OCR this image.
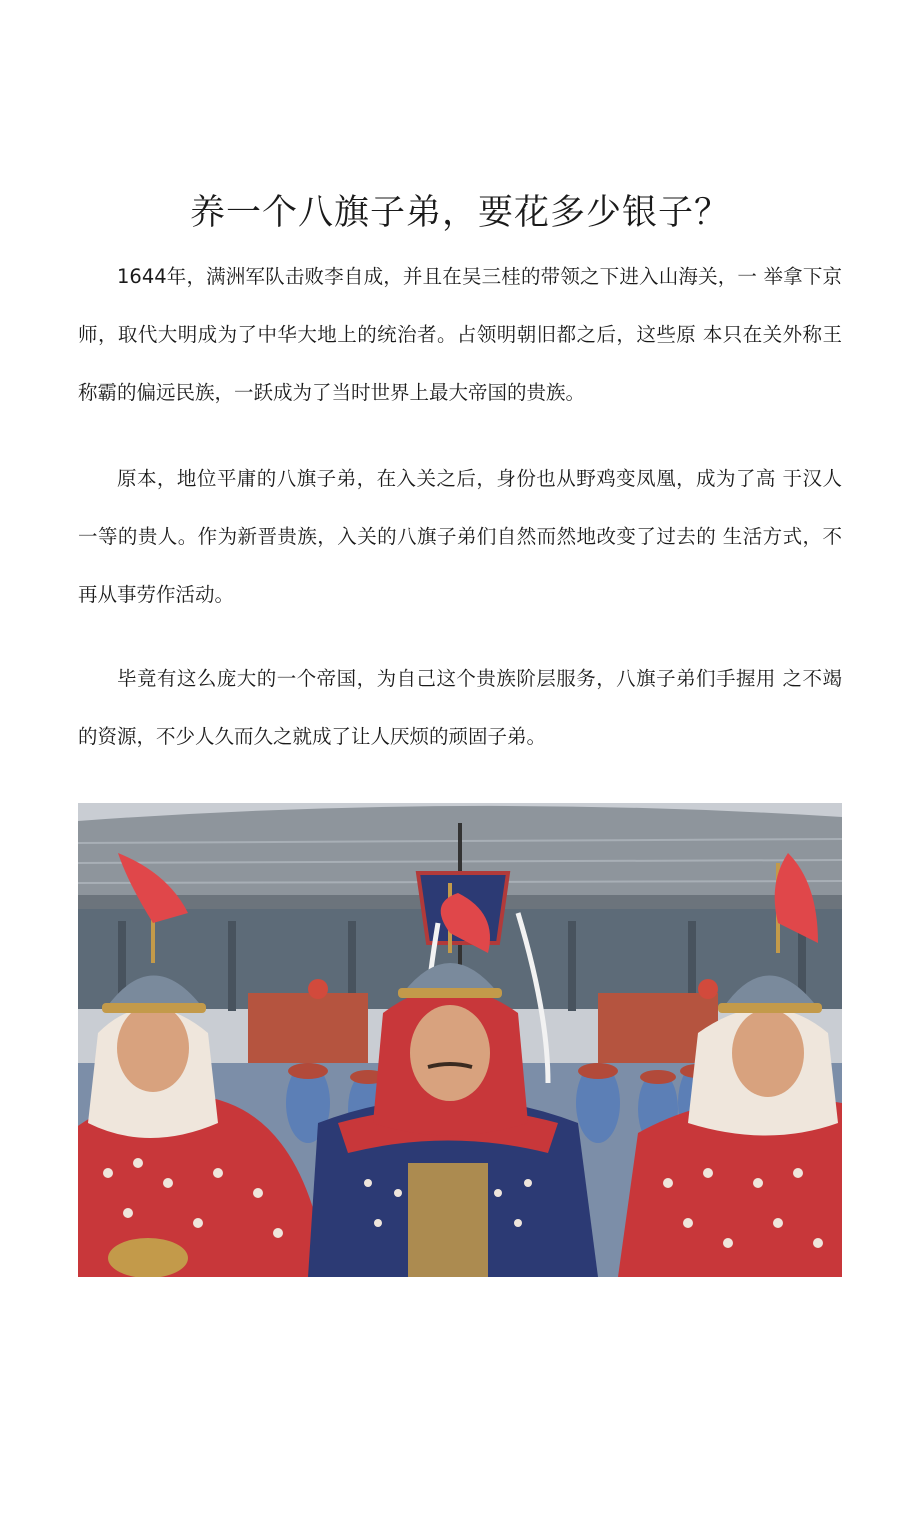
养一个八旗子弟，要花多少银子？

1644年，满洲军队击败李自成，并且在吴三桂的带领之下进入山海关，一 举拿下京师，取代大明成为了中华大地上的统治者。占领明朝旧都之后，这些原 本只在关外称王称霸的偏远民族，一跃成为了当时世界上最大帝国的贵族。

原本，地位平庸的八旗子弟，在入关之后，身份也从野鸡变凤凰，成为了高 于汉人一等的贵人。作为新晋贵族，入关的八旗子弟们自然而然地改变了过去的 生活方式，不再从事劳作活动。

毕竟有这么庞大的一个帝国，为自己这个贵族阶层服务，八旗子弟们手握用 之不竭的资源，不少人久而久之就成了让人厌烦的顽固子弟。
